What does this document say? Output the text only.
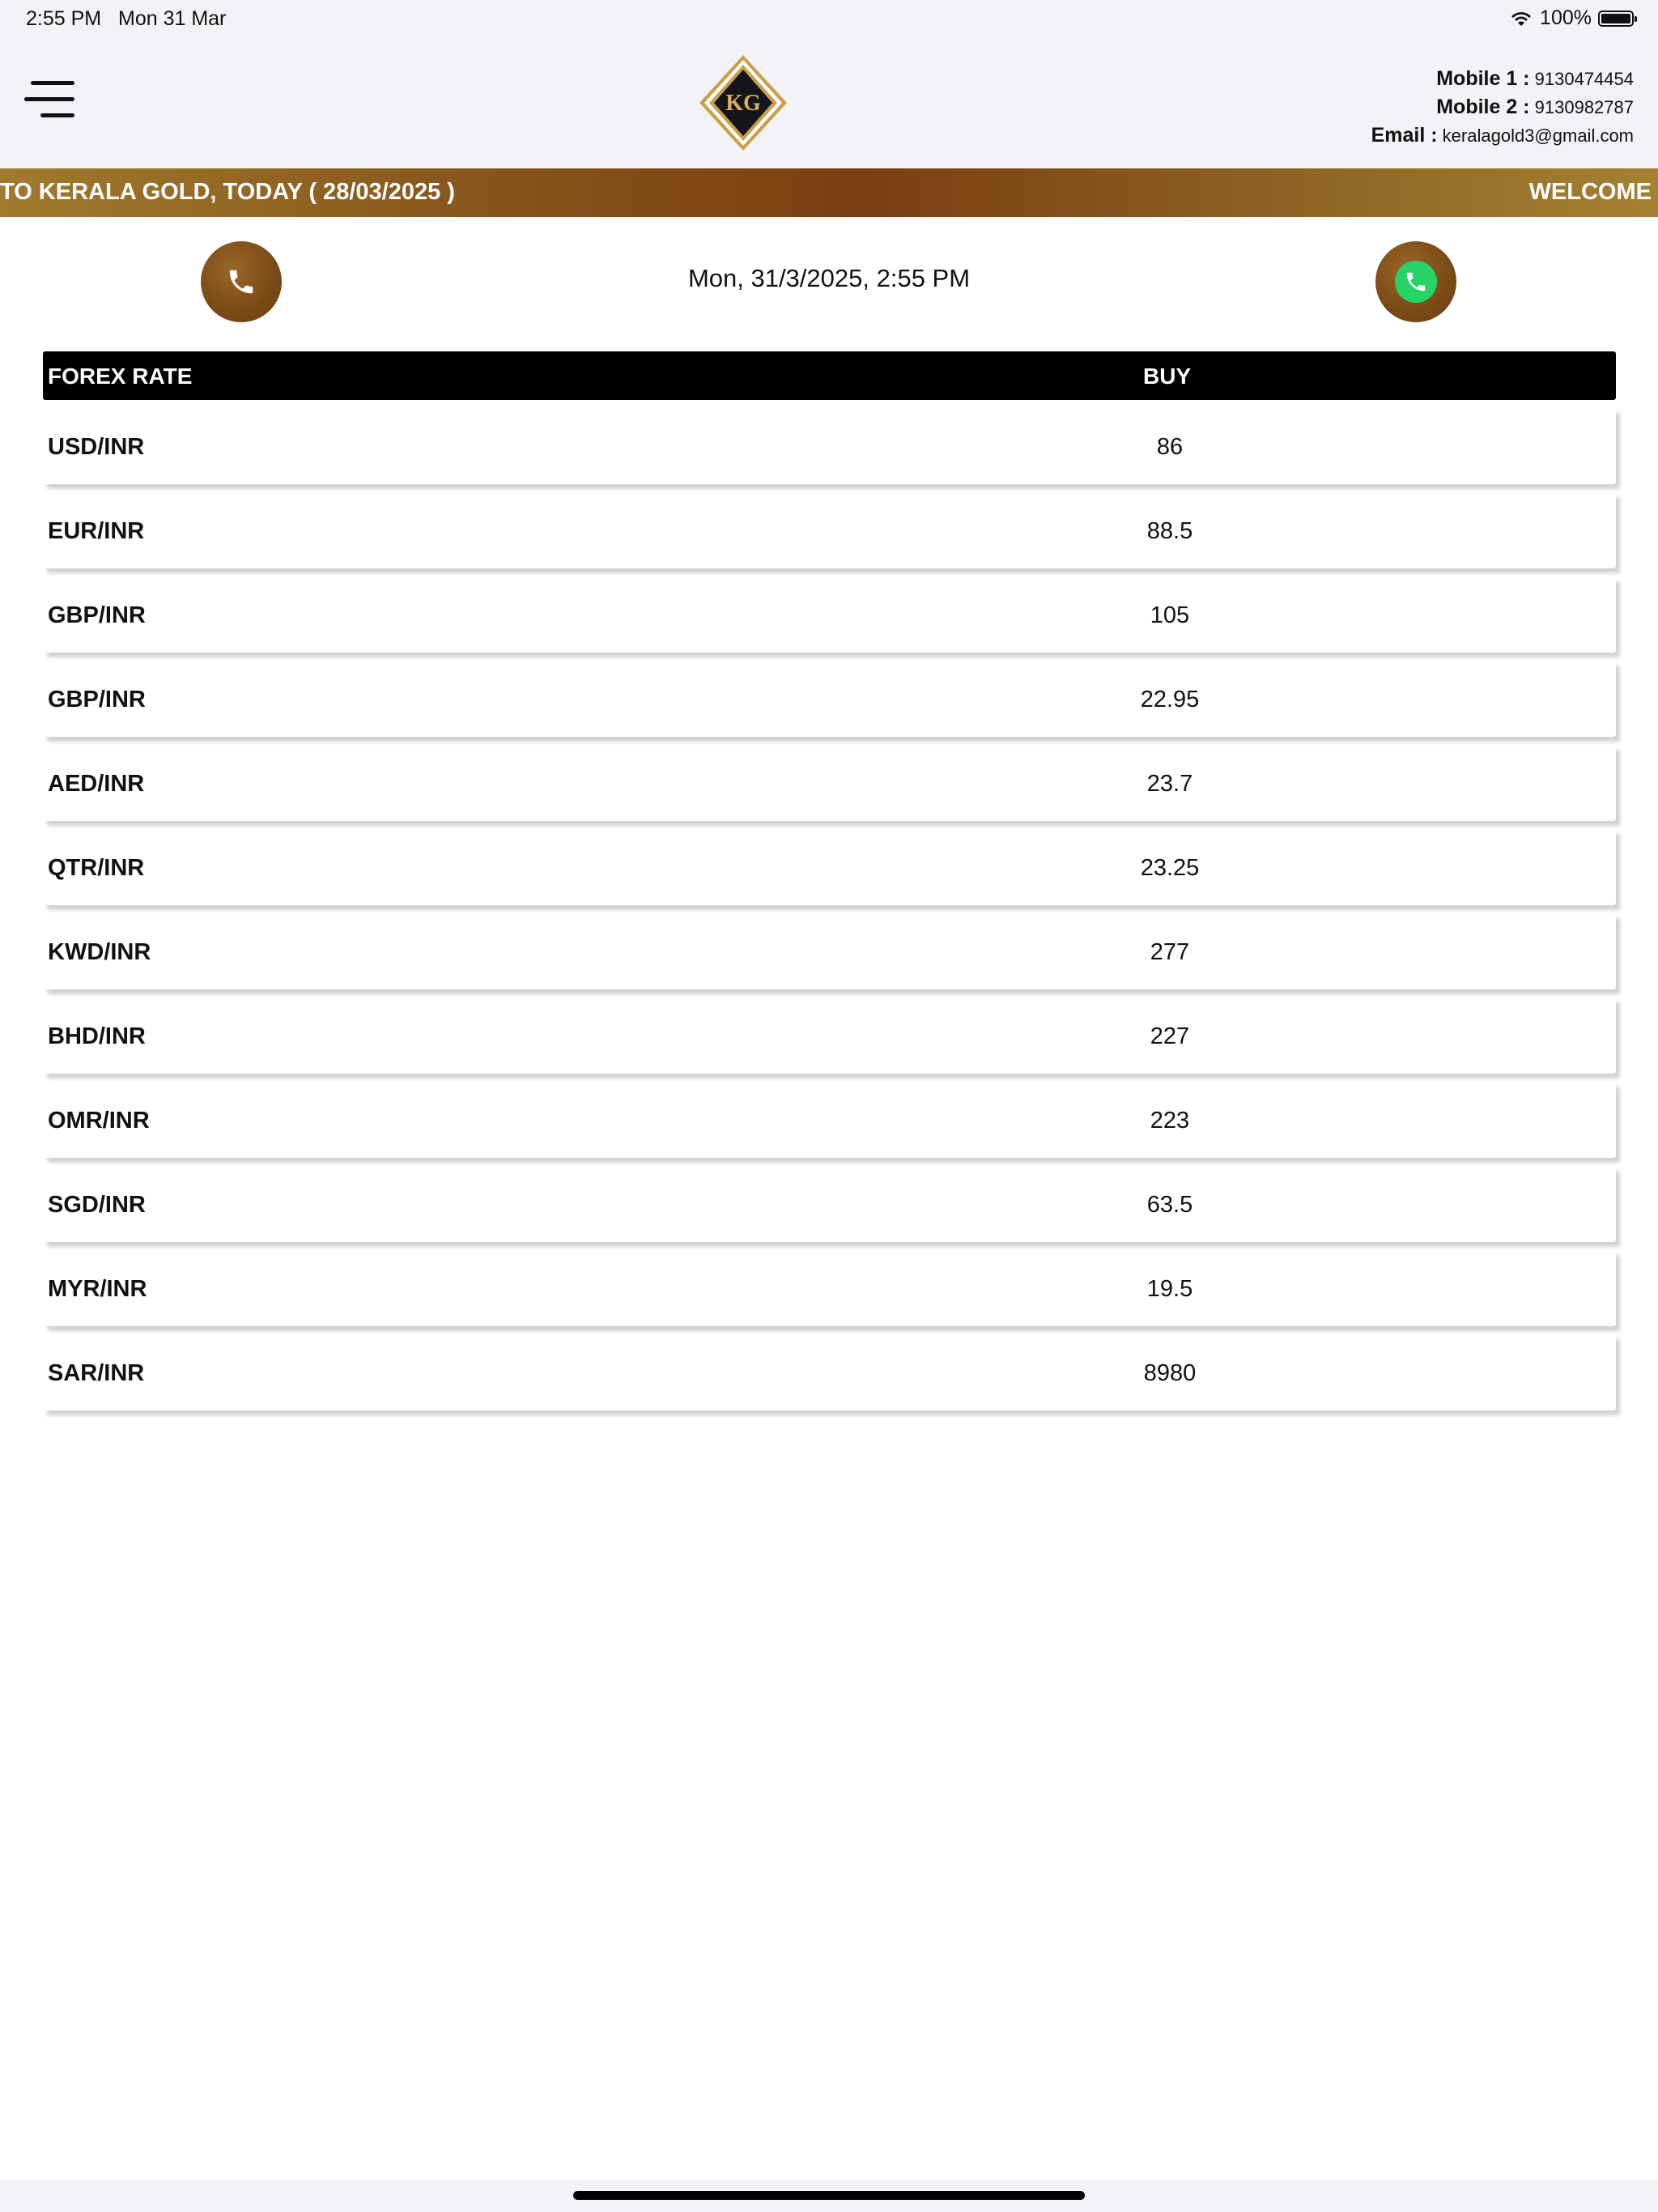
2:55 PM Mon 31 Mar	100%
KG
Mobile 1 : 9130474454
Mobile 2 : 9130982787
Email : keralagold3@gmail.com
TO KERALA GOLD, TODAY ( 28/03/2025 )	WELCOME
Mon, 31/3/2025, 2:55 PM
FOREX RATE	BUY
USD/INR	86
EUR/INR	88.5
GBP/INR	105
GBP/INR	22.95
AED/INR	23.7
QTR/INR	23.25
KWD/INR	277
BHD/INR	227
OMR/INR	223
SGD/INR	63.5
MYR/INR	19.5
SAR/INR	8980
